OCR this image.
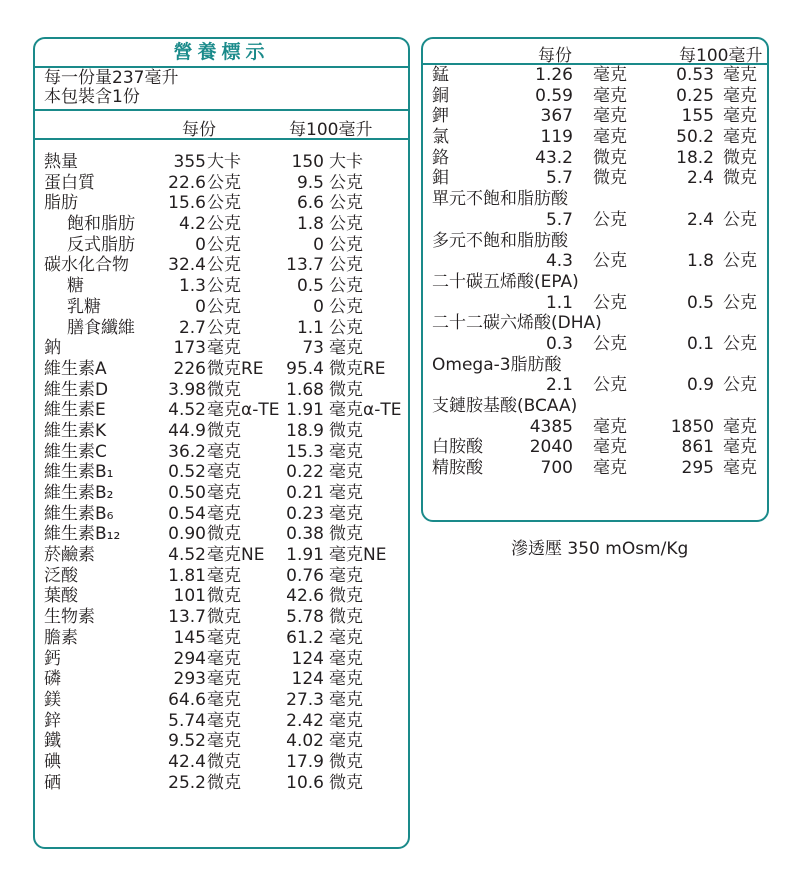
營養標示
每一份量237毫升
本包裝含1份
每份	每100毫升
熱量	355 大卡	150 大卡
蛋白質	22.6 公克	9.5 公克
脂肪	15.6 公克	6.6 公克
飽和脂肪	4.2 公克	1.8 公克
反式脂肪	0 公克	0 公克
碳水化合物 32.4 公克	13.7 公克
糖	1.3 公克	0.5 公克
乳糖	0 公克	0 公克
膳食纖維	2.7 公克	1.1 公克
鈉	173 毫克	73 毫克
維生素A	226 微克RE 95.4 微克RE
維生素D	3.98 微克	1.68 微克
維生素E	4.52 毫克α-TE 1.91 毫克α-TE
維生素K	44.9 微克	18.9 微克
維生素C	36.2 毫克	15.3 毫克
維生素B₁	0.52 毫克	0.22 毫克
維生素B₂	0.50 毫克	0.21 毫克
維生素B₆	0.54 毫克	0.23 毫克
維生素B₁₂	0.90 微克	0.38 微克
菸鹼素	4.52 毫克NE 1.91 毫克NE
泛酸	1.81 毫克	0.76 毫克
葉酸	101 微克	42.6 微克
生物素	13.7 微克	5.78 微克
膽素	145 毫克	61.2 毫克
鈣	294 毫克	124 毫克
磷	293 毫克	124 毫克
鎂	64.6 毫克	27.3 毫克
鋅	5.74 毫克	2.42 毫克
鐵	9.52 毫克	4.02 毫克
碘	42.4 微克	17.9 微克
硒	25.2 微克	10.6 微克
每份	每100毫升
錳	1.26 毫克	0.53 毫克
銅	0.59 毫克	0.25 毫克
鉀	367 毫克	155 毫克
氯	119 毫克	50.2 毫克
鉻	43.2 微克	18.2 微克
鉬	5.7 微克	2.4 微克
單元不飽和脂肪酸
5.7 公克	2.4 公克
多元不飽和脂肪酸
4.3 公克	1.8 公克
二十碳五烯酸(EPA)
1.1 公克	0.5 公克
二十二碳六烯酸(DHA)
0.3 公克	0.1 公克
Omega-3脂肪酸
2.1 公克	0.9 公克
支鏈胺基酸(BCAA)
4385 毫克	1850 毫克
白胺酸	2040 毫克	861 毫克
精胺酸	700 毫克	295 毫克
滲透壓 350 mOsm/Kg
